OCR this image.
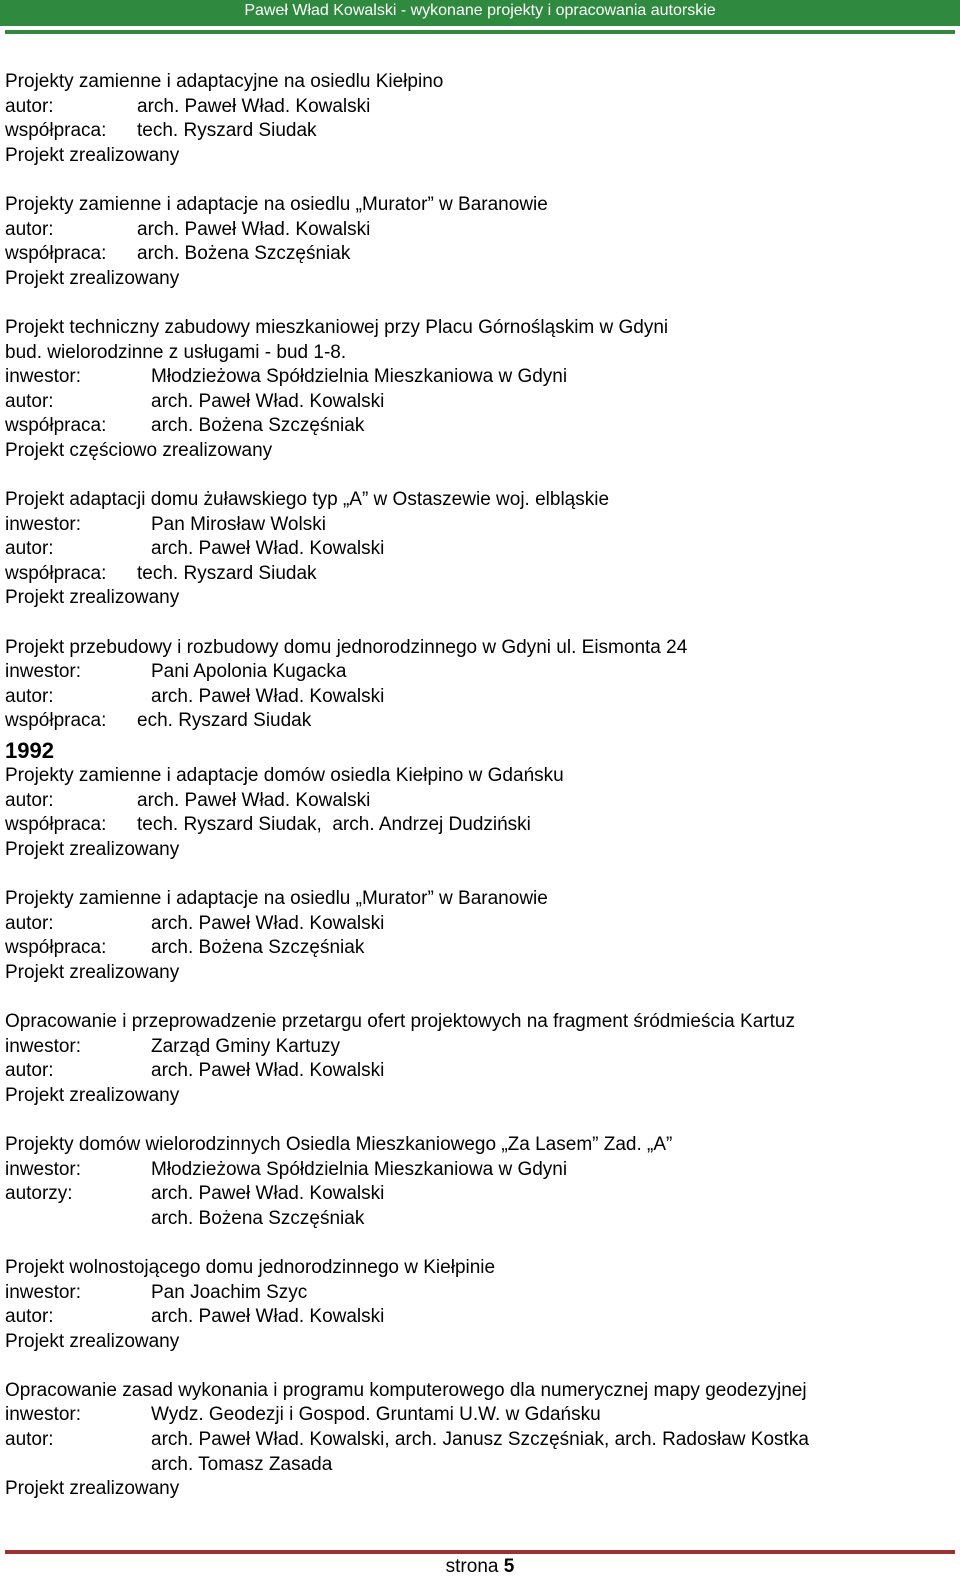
Paweł Wład Kowalski - wykonane projekty i opracowania autorskie
Projekty zamienne i adaptacyjne na osiedlu Kiełpino
autor:	arch. Paweł Wład. Kowalski
współpraca: tech. Ryszard Siudak
Projekt zrealizowany
Projekty zamienne i adaptacje na osiedlu „Murator” w Baranowie
autor:	arch. Paweł Wład. Kowalski
współpraca: arch. Bożena Szczęśniak
Projekt zrealizowany
Projekt techniczny zabudowy mieszkaniowej przy Placu Górnośląskim w Gdyni
bud. wielorodzinne z usługami - bud 1-8.
inwestor:	Młodzieżowa Spółdzielnia Mieszkaniowa w Gdyni
autor:	arch. Paweł Wład. Kowalski
współpraca: arch. Bożena Szczęśniak
Projekt częściowo zrealizowany
Projekt adaptacji domu żuławskiego typ „A” w Ostaszewie woj. elbląskie
inwestor:	Pan Mirosław Wolski
autor:	arch. Paweł Wład. Kowalski
współpraca: tech. Ryszard Siudak
Projekt zrealizowany
Projekt przebudowy i rozbudowy domu jednorodzinnego w Gdyni ul. Eismonta 24
inwestor:	Pani Apolonia Kugacka
autor:	arch. Paweł Wład. Kowalski
współpraca: ech. Ryszard Siudak
1992
Projekty zamienne i adaptacje domów osiedla Kiełpino w Gdańsku
autor:	arch. Paweł Wład. Kowalski
współpraca: tech. Ryszard Siudak,  arch. Andrzej Dudziński
Projekt zrealizowany
Projekty zamienne i adaptacje na osiedlu „Murator” w Baranowie
autor:	arch. Paweł Wład. Kowalski
współpraca: arch. Bożena Szczęśniak
Projekt zrealizowany
Opracowanie i przeprowadzenie przetargu ofert projektowych na fragment śródmieścia Kartuz
inwestor:	Zarząd Gminy Kartuzy
autor:	arch. Paweł Wład. Kowalski
Projekt zrealizowany
Projekty domów wielorodzinnych Osiedla Mieszkaniowego „Za Lasem” Zad. „A”
inwestor:	Młodzieżowa Spółdzielnia Mieszkaniowa w Gdyni
autorzy:	arch. Paweł Wład. Kowalski
arch. Bożena Szczęśniak
Projekt wolnostojącego domu jednorodzinnego w Kiełpinie
inwestor:	Pan Joachim Szyc
autor:	arch. Paweł Wład. Kowalski
Projekt zrealizowany
Opracowanie zasad wykonania i programu komputerowego dla numerycznej mapy geodezyjnej
inwestor:	Wydz. Geodezji i Gospod. Gruntami U.W. w Gdańsku
autor:	arch. Paweł Wład. Kowalski, arch. Janusz Szczęśniak, arch. Radosław Kostka
arch. Tomasz Zasada
Projekt zrealizowany
strona 5
